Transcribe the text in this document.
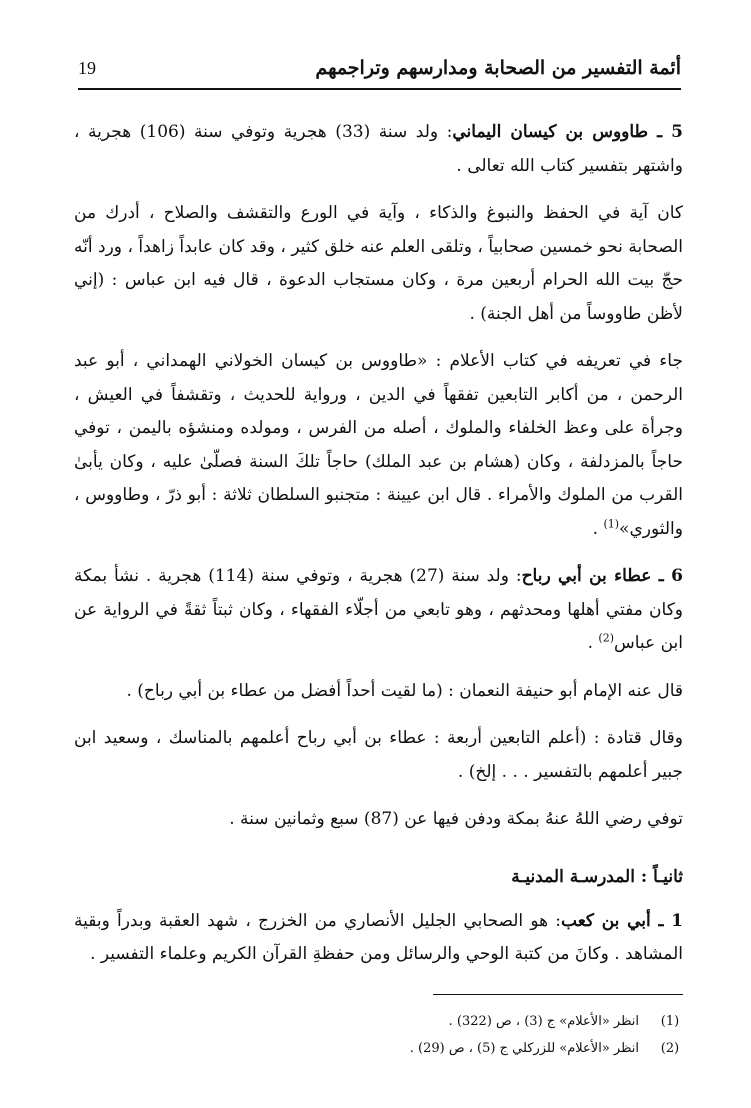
أئمة التفسير من الصحابة ومدارسهم وتراجمهم
19

5 ـ طاووس بن كيسان اليماني: ولد سنة (33) هجرية وتوفي سنة (106) هجرية ، واشتهر بتفسير كتاب الله تعالى .

كان آية في الحفظ والنبوغ والذكاء ، وآية في الورع والتقشف والصلاح ، أدرك من الصحابة نحو خمسين صحابياً ، وتلقى العلم عنه خلق كثير ، وقد كان عابداً زاهداً ، ورد أنّه حجّ بيت الله الحرام أربعين مرة ، وكان مستجاب الدعوة ، قال فيه ابن عباس : (إني لأظن طاووساً من أهل الجنة) .

جاء في تعريفه في كتاب الأعلام : «طاووس بن كيسان الخولاني الهمداني ، أبو عبد الرحمن ، من أكابر التابعين تفقهاً في الدين ، ورواية للحديث ، وتقشفاً في العيش ، وجرأة على وعظ الخلفاء والملوك ، أصله من الفرس ، ومولده ومنشؤه باليمن ، توفي حاجاً بالمزدلفة ، وكان (هشام بن عبد الملك) حاجاً تلكَ السنة فصلّىٰ عليه ، وكان يأبىٰ القرب من الملوك والأمراء . قال ابن عيينة : متجنبو السلطان ثلاثة : أبو ذرّ ، وطاووس ، والثوري»$^{(1)}$ .

6 ـ عطاء بن أبي رباح: ولد سنة (27) هجرية ، وتوفي سنة (114) هجرية . نشأ بمكة وكان مفتي أهلها ومحدثهم ، وهو تابعي من أجلّاء الفقهاء ، وكان ثبتاً ثقةً في الرواية عن ابن عباس$^{(2)}$ .

قال عنه الإمام أبو حنيفة النعمان : (ما لقيت أحداً أفضل من عطاء بن أبي رباح) .

وقال قتادة : (أعلم التابعين أربعة : عطاء بن أبي رباح أعلمهم بالمناسك ، وسعيد ابن جبير أعلمهم بالتفسير . . . إلخ) .

توفي رضي اللهُ عنهُ بمكة ودفن فيها عن (87) سبع وثمانين سنة .

ثانيـاً : المدرسـة المدنيـة

1 ـ أبي بن كعب: هو الصحابي الجليل الأنصاري من الخزرج ، شهد العقبة وبدراً وبقية المشاهد . وكانَ من كتبة الوحي والرسائل ومن حفظةِ القرآن الكريم وعلماء التفسير .

(1)
انظر «الأعلام» ج (3) ، ص (322) .
(2)
انظر «الأعلام» للزركلي ج (5) ، ص (29) .
